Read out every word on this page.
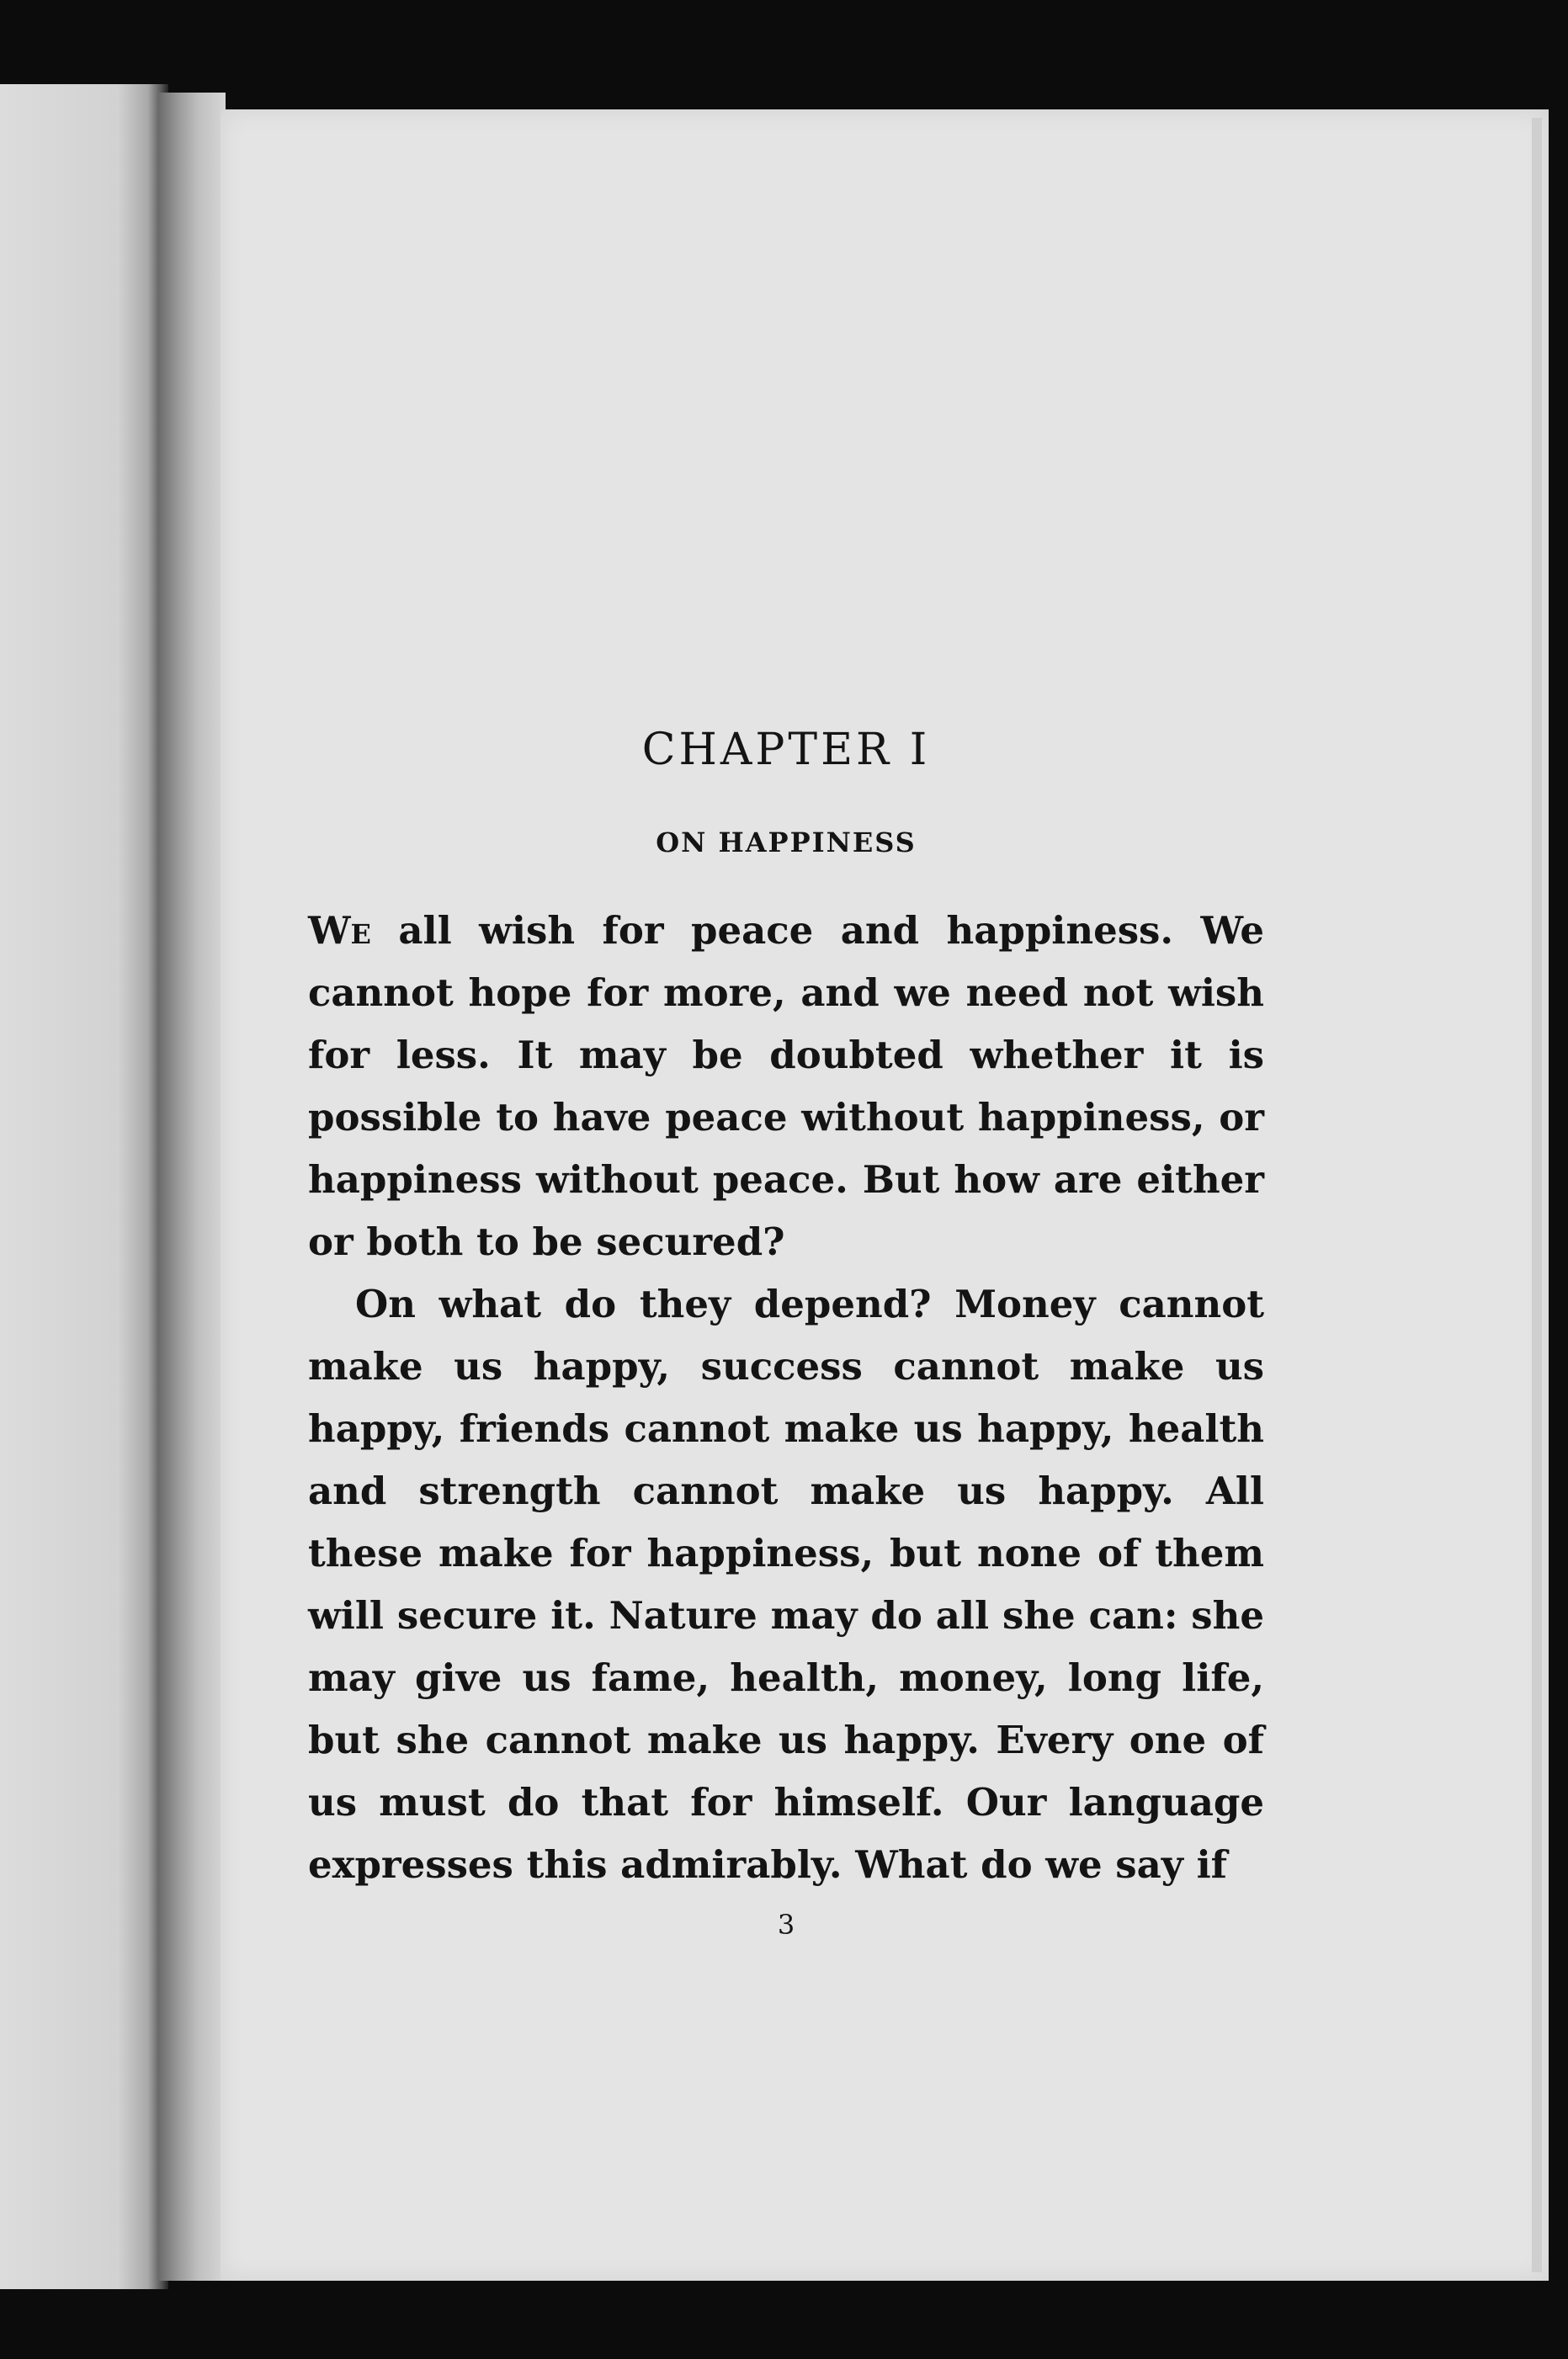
CHAPTER I
ON HAPPINESS

We all wish for peace and happiness. We cannot hope for more, and we need not wish for less. It may be doubted whether it is possible to have peace without happiness, or happiness without peace. But how are either or both to be secured?

On what do they depend? Money cannot make us happy, success cannot make us happy, friends cannot make us happy, health and strength cannot make us happy. All these make for happiness, but none of them will secure it. Nature may do all she can: she may give us fame, health, money, long life, but she cannot make us happy. Every one of us must do that for himself. Our language expresses this admirably. What do we say if

3
